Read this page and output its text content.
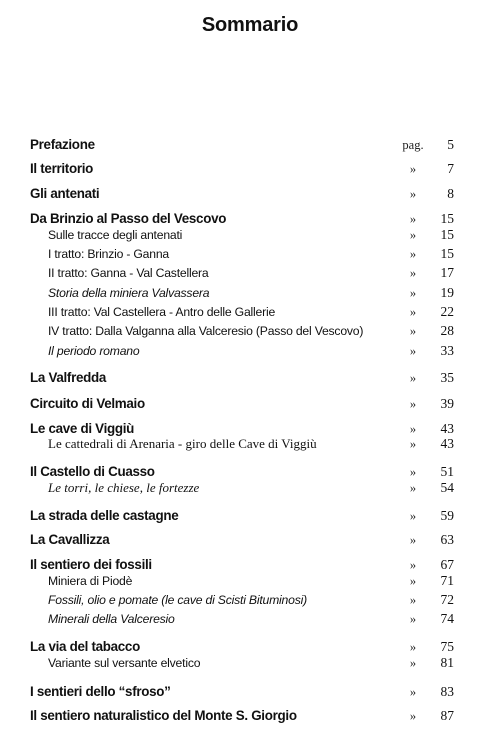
Sommario
Prefazione	pag.	5
Il territorio	»	7
Gli antenati	»	8
Da Brinzio al Passo del Vescovo	»	15
Sulle tracce degli antenati	»	15
I tratto: Brinzio - Ganna	»	15
II tratto: Ganna - Val Castellera	»	17
Storia della miniera Valvassera	»	19
III tratto: Val Castellera - Antro delle Gallerie	»	22
IV tratto: Dalla Valganna alla Valceresio (Passo del Vescovo)	»	28
Il periodo romano	»	33
La Valfredda	»	35
Circuito di Velmaio	»	39
Le cave di Viggiù	»	43
Le cattedrali di Arenaria - giro delle Cave di Viggiù	»	43
Il Castello di Cuasso	»	51
Le torri, le chiese, le fortezze	»	54
La strada delle castagne	»	59
La Cavallizza	»	63
Il sentiero dei fossili	»	67
Miniera di Piodè	»	71
Fossili, olio e pomate (le cave di Scisti Bituminosi)	»	72
Minerali della Valceresio	»	74
La via del tabacco	»	75
Variante sul versante elvetico	»	81
I sentieri dello “sfroso”	»	83
Il sentiero naturalistico del Monte S. Giorgio	»	87
